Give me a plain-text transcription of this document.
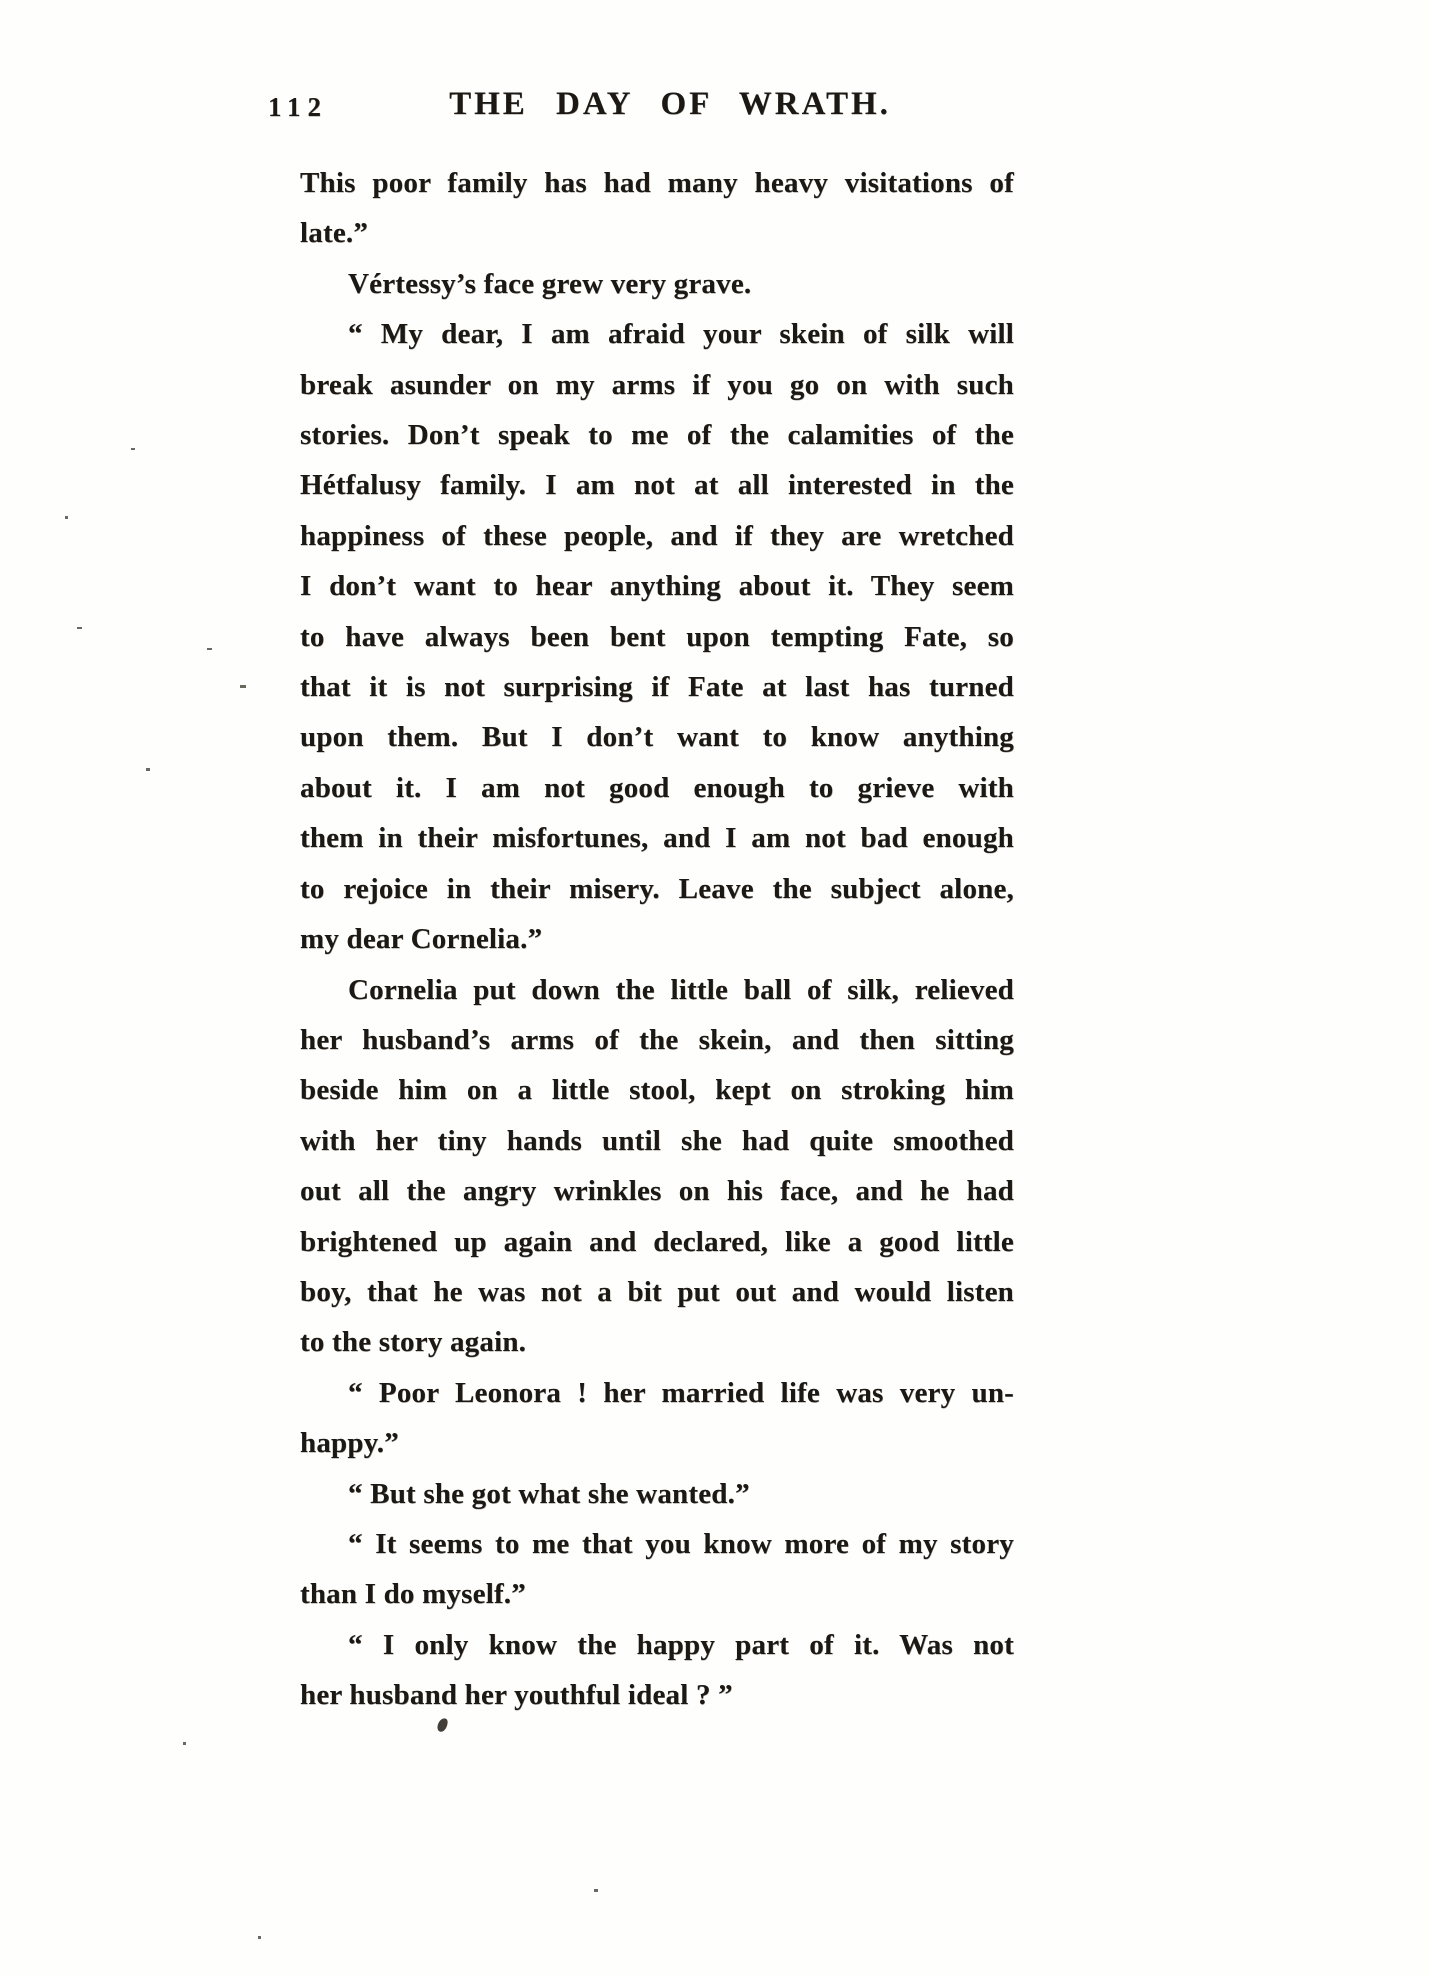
112	THE DAY OF WRATH.
This poor family has had many heavy visitations of
late.”
Vértessy’s face grew very grave.
“ My dear, I am afraid your skein of silk will
break asunder on my arms if you go on with such
stories. Don’t speak to me of the calamities of the
Hétfalusy family. I am not at all interested in the
happiness of these people, and if they are wretched
I don’t want to hear anything about it. They seem
to have always been bent upon tempting Fate, so
that it is not surprising if Fate at last has turned
upon them. But I don’t want to know anything
about it. I am not good enough to grieve with
them in their misfortunes, and I am not bad enough
to rejoice in their misery. Leave the subject alone,
my dear Cornelia.”
Cornelia put down the little ball of silk, relieved
her husband’s arms of the skein, and then sitting
beside him on a little stool, kept on stroking him
with her tiny hands until she had quite smoothed
out all the angry wrinkles on his face, and he had
brightened up again and declared, like a good little
boy, that he was not a bit put out and would listen
to the story again.
“ Poor Leonora ! her married life was very un-
happy.”
“ But she got what she wanted.”
“ It seems to me that you know more of my story
than I do myself.”
“ I only know the happy part of it. Was not
her husband her youthful ideal ? ”
